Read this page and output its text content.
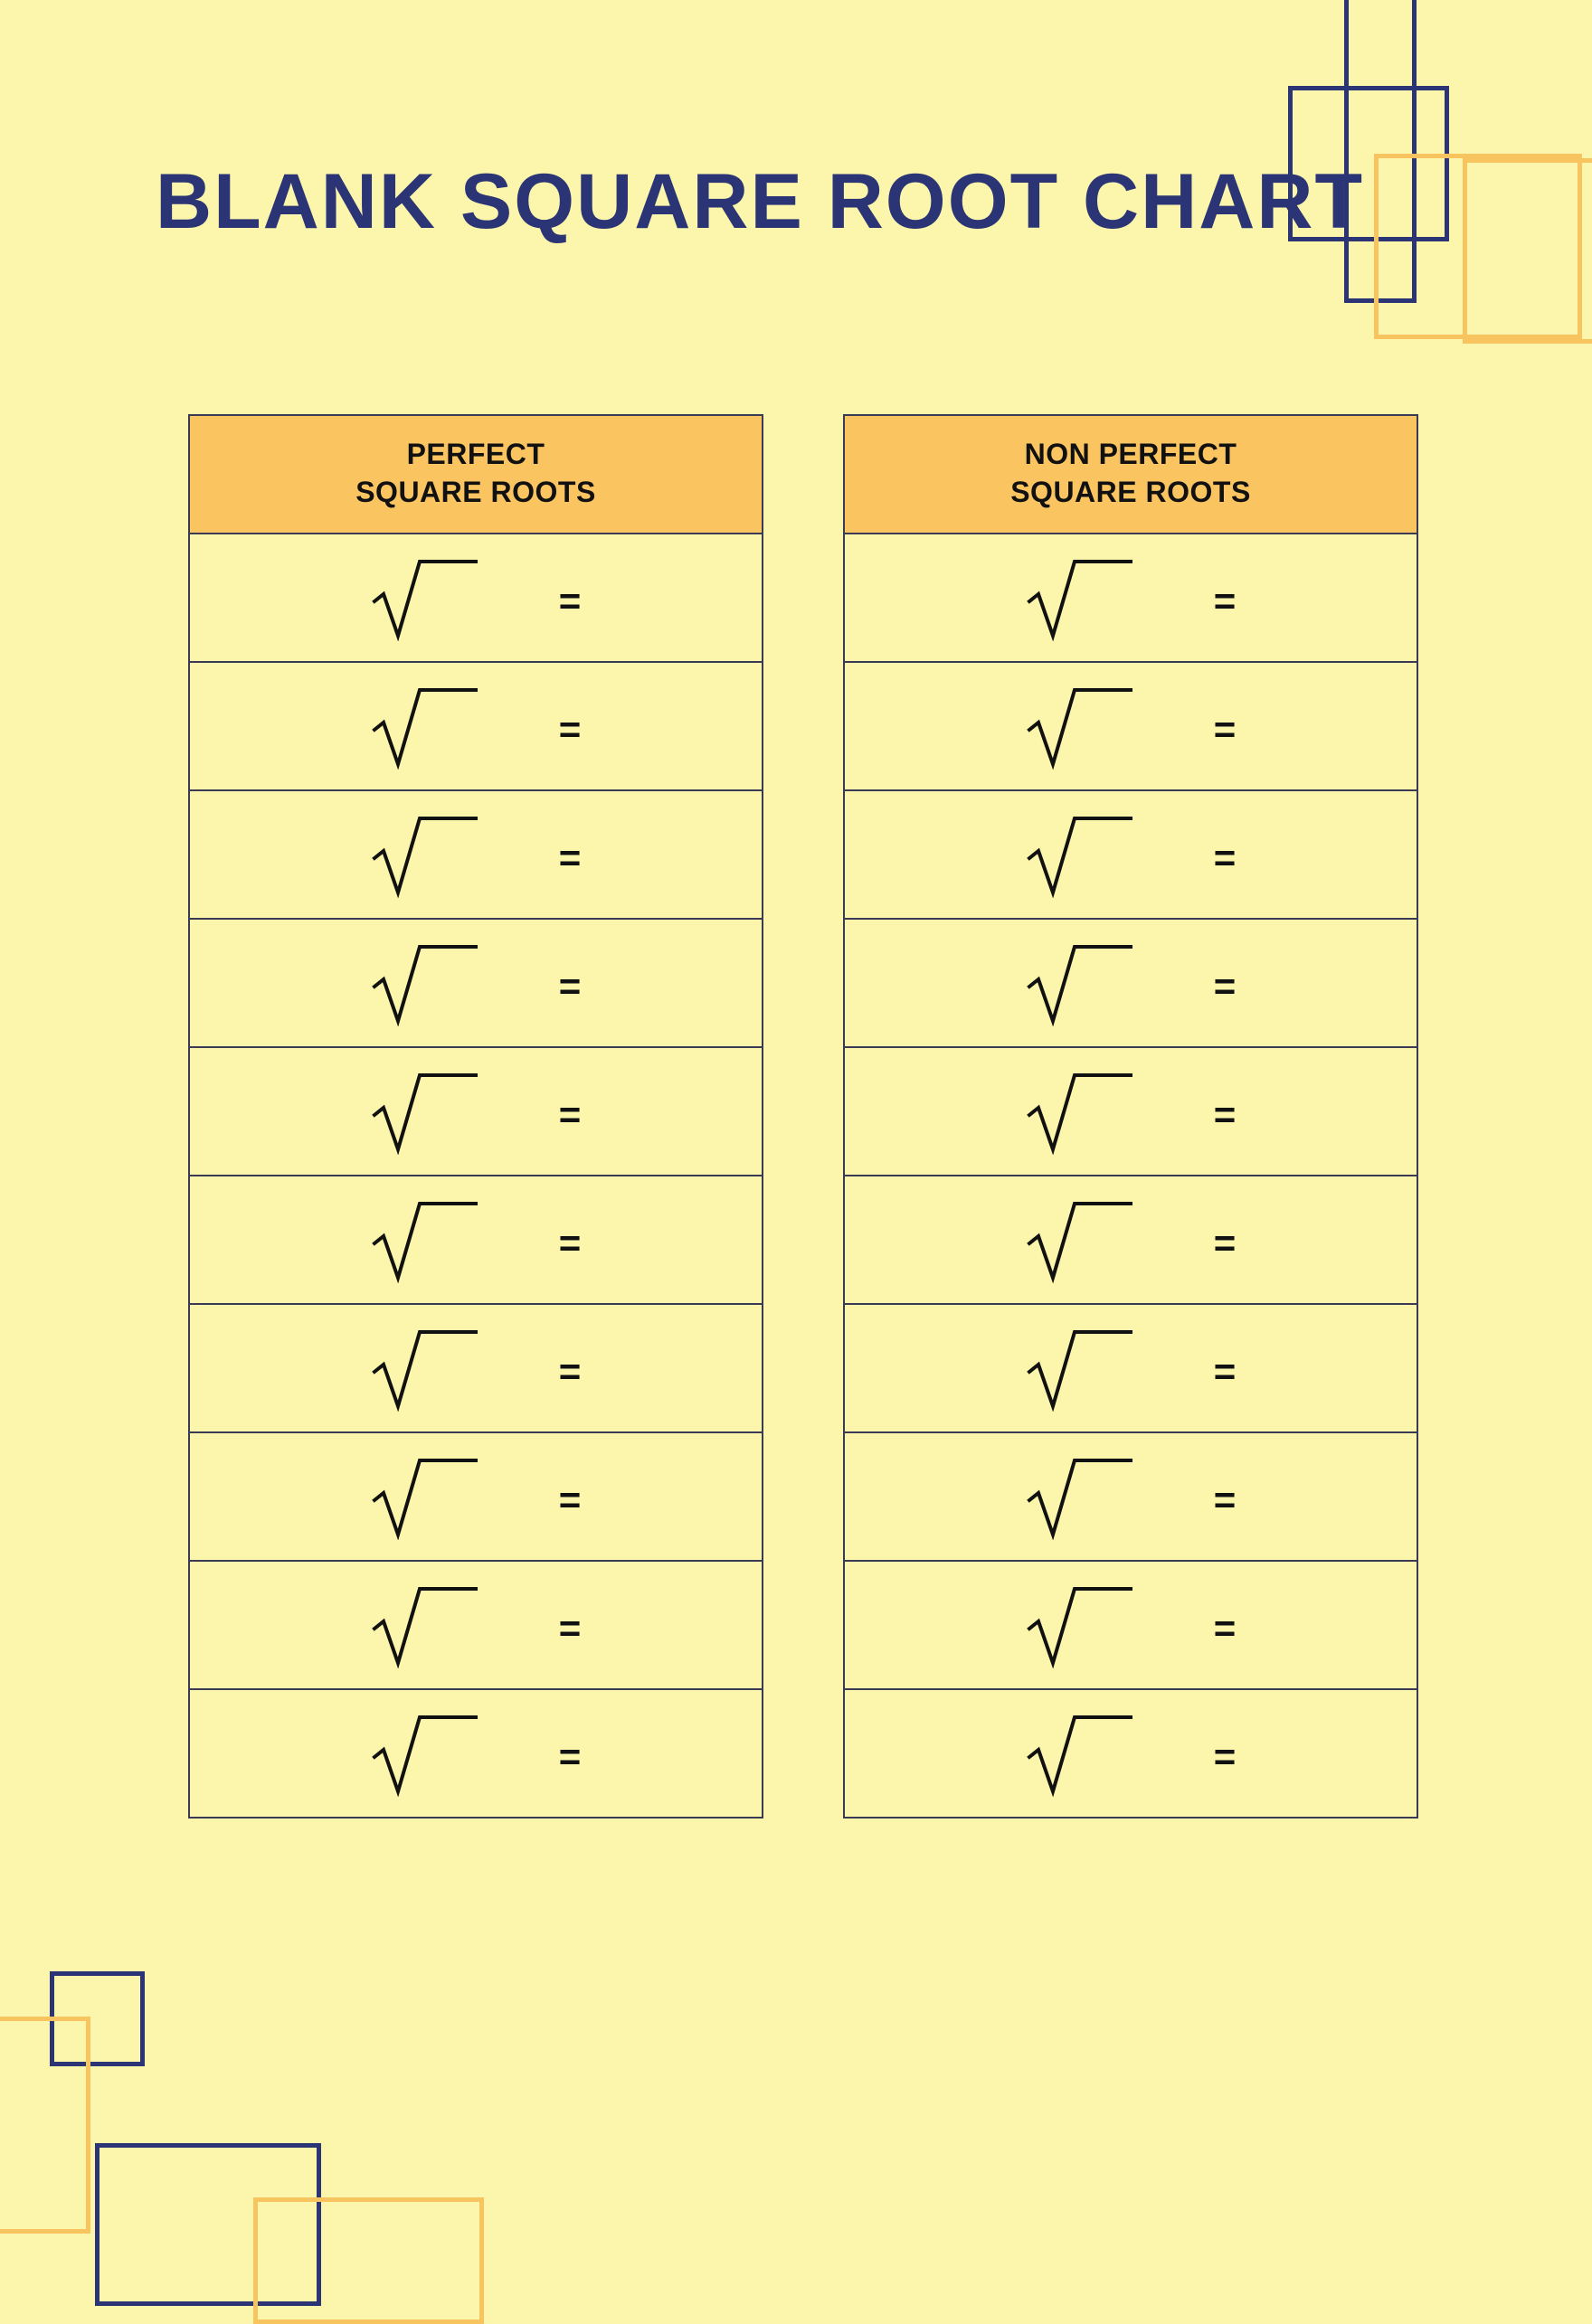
BLANK SQUARE ROOT CHART
PERFECT
SQUARE ROOTS
=
=
=
=
=
=
=
=
=
=
NON PERFECT
SQUARE ROOTS
=
=
=
=
=
=
=
=
=
=
